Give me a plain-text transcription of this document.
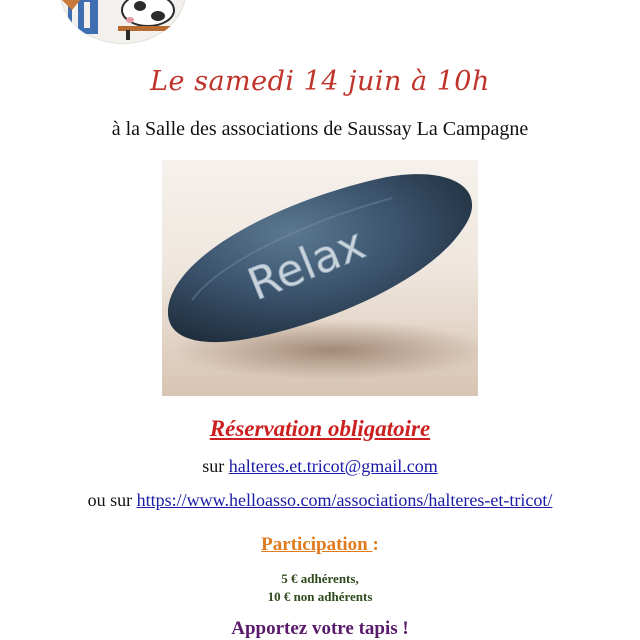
Le samedi 14 juin à 10h
à la Salle des associations de Saussay La Campagne
Relax
Réservation obligatoire
sur halteres.et.tricot@gmail.com
ou sur https://www.helloasso.com/associations/halteres-et-tricot/
Participation :
5 € adhérents,
10 € non adhérents
Apportez votre tapis !
